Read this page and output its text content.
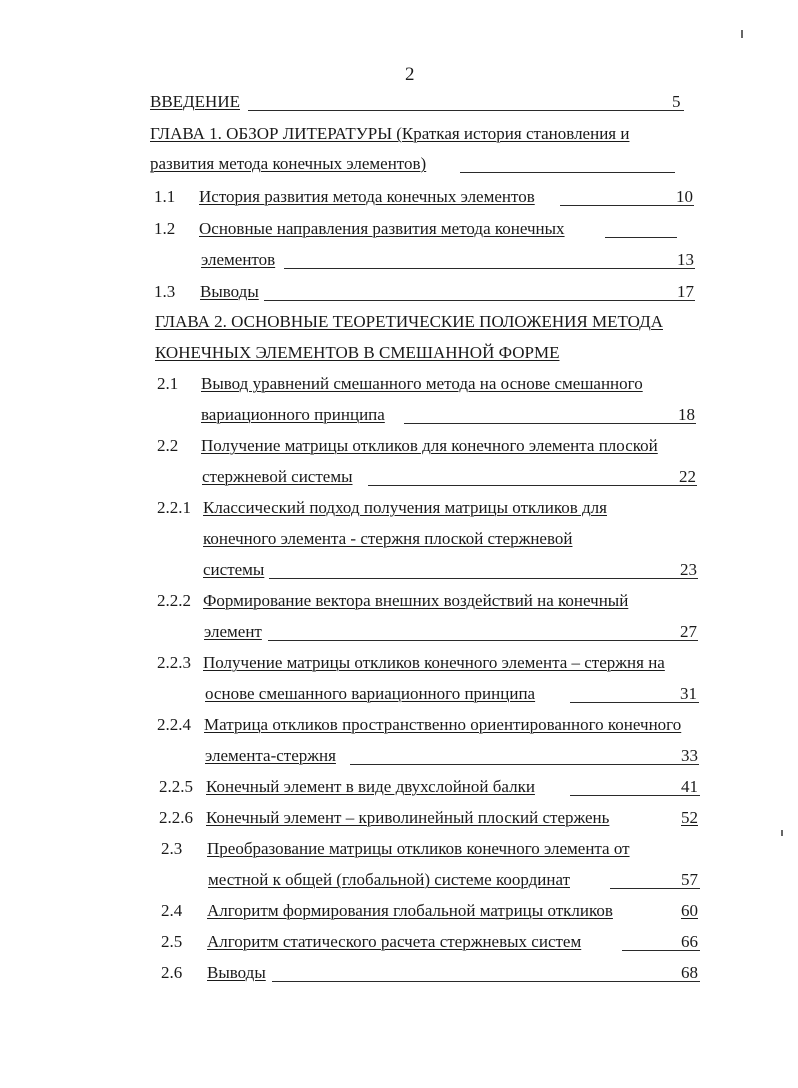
2
ВВЕДЕНИЕ	5
ГЛАВА 1. ОБЗОР ЛИТЕРАТУРЫ (Краткая история становления и
развития метода конечных элементов)
1.1 История развития метода конечных элементов	10
1.2 Основные направления развития метода конечных
элементов	13
1.3 Выводы	17
ГЛАВА 2. ОСНОВНЫЕ ТЕОРЕТИЧЕСКИЕ ПОЛОЖЕНИЯ МЕТОДА
КОНЕЧНЫХ ЭЛЕМЕНТОВ В СМЕШАННОЙ ФОРМЕ
2.1 Вывод уравнений смешанного метода на основе смешанного
вариационного принципа	18
2.2 Получение матрицы откликов для конечного элемента плоской
стержневой системы	22
2.2.1 Классический подход получения матрицы откликов для
конечного элемента - стержня плоской стержневой
системы	23
2.2.2 Формирование вектора внешних воздействий на конечный
элемент	27
2.2.3 Получение матрицы откликов конечного элемента – стержня на
основе смешанного вариационного принципа	31
2.2.4 Матрица откликов пространственно ориентированного конечного
элемента-стержня	33
2.2.5 Конечный элемент в виде двухслойной балки	41
2.2.6 Конечный элемент – криволинейный плоский стержень	52
2.3 Преобразование матрицы откликов конечного элемента от
местной к общей (глобальной) системе координат	57
2.4 Алгоритм формирования глобальной матрицы откликов	60
2.5 Алгоритм статического расчета стержневых систем	66
2.6 Выводы	68
